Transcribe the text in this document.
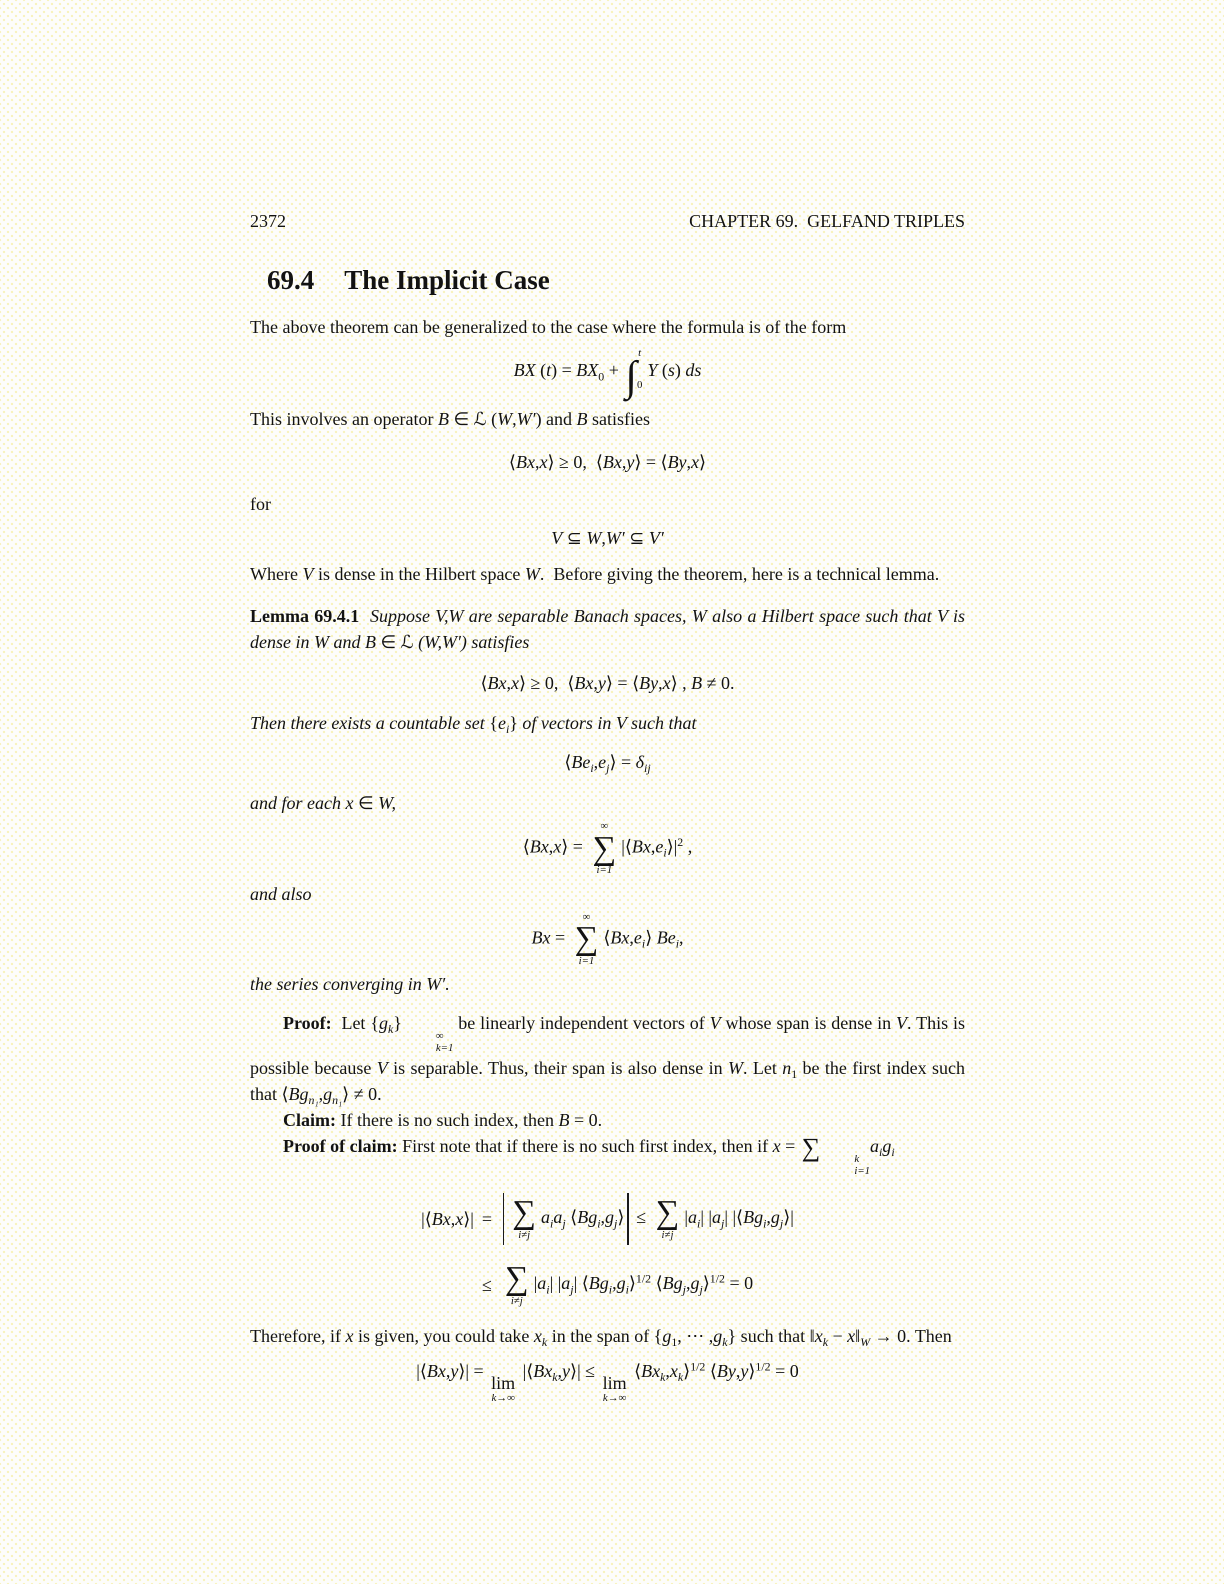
2372	CHAPTER 69.  GELFAND TRIPLES
69.4 The Implicit Case

The above theorem can be generalized to the case where the formula is of the form

BX $(t) = BX_0$ + ∫ t
0
Y (s) ds

This involves an operator B ∈ ℒ (W,W′) and B satisfies

⟨Bx,x⟩ ≥ 0,  ⟨Bx,y⟩ = ⟨By,x⟩

for

V ⊆ W,W′ ⊆ V′

Where V is dense in the Hilbert space W.  Before giving the theorem, here is a technical lemma.

Lemma 69.4.1 Suppose V,W are separable Banach spaces, W also a Hilbert space such that V is dense in W and B ∈ ℒ (W,W′) satisfies

⟨Bx,x⟩ ≥ 0,  ⟨Bx,y⟩ = ⟨By,x⟩ , B ≠ 0.

Then there exists a countable set $\{e_i\}$ of vectors in V such that

$⟨Be_i,e_j⟩ = \delta_{ij}$

and for each x ∈ W,

⟨Bx,x⟩ =
∞
∑
i=1
$|⟨Bx,e_i⟩|^2$ ,

and also

Bx =
∞
∑
i=1
$⟨Bx,e_i⟩$ $Be_i$,

the series converging in W′.

Proof:  Let $\{g_k\}$
∞
k=1
be linearly independent vectors of V whose span is dense in V. This is possible because V is separable. Thus, their span is also dense in W. Let $n_1$ be the first index such that $⟨Bg_{n_1},g_{n_1}⟩ \ne 0$.

Claim: If there is no such index, then B = 0.

Proof of claim: First note that if there is no such first index, then if x = ∑	k
i=1
$a_ig_i$

|⟨Bx,x⟩| = ∑
i≠j
$a_ia_j$ $⟨Bg_i,g_j⟩$ ≤ ∑
i≠j
$|a_i|$ $|a_j|$ $|⟨Bg_i,g_j⟩|$
≤ ∑
i≠j
$|a_i|$ $|a_j|$ $⟨Bg_i,g_i⟩^{1/2}$ $⟨Bg_j,g_j⟩^{1/2} = 0$

Therefore, if x is given, you could take $x_k$ in the span of {$g_1$, ⋯ $,g_k$} such that $‖x_k$ − $x‖_W \to 0$. Then

|⟨Bx,y⟩| =
lim
k→∞
$|⟨Bx_k,y⟩|$ ≤
lim
k→∞
$⟨Bx_k,x_k⟩^{1/2}$ ⟨By,y⟩$^{1/2}$ = 0
